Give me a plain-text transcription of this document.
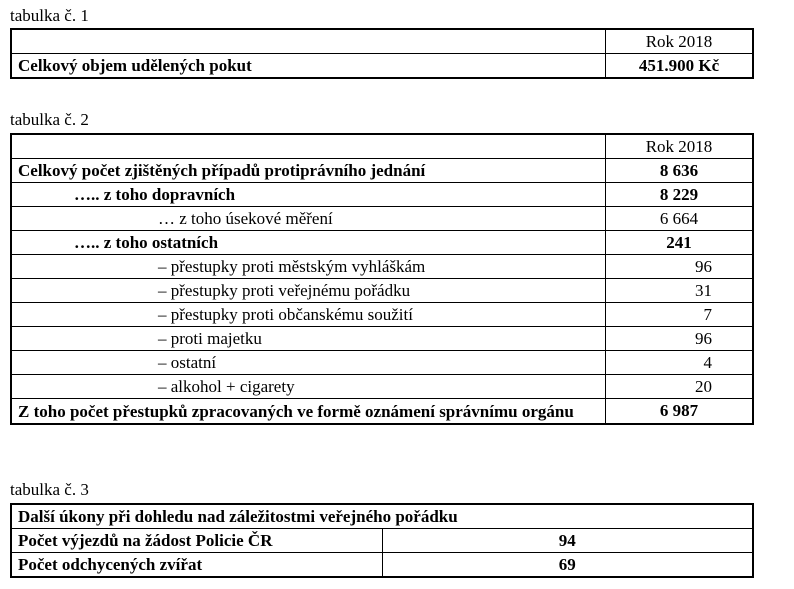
tabulka č. 1
	Rok 2018
Celkový objem udělených pokut	451.900 Kč
tabulka č. 2
	Rok 2018
Celkový počet zjištěných případů protiprávního jednání	8 636
….. z toho dopravních	8 229
… z toho úsekové měření	6 664
….. z toho ostatních	241
– přestupky proti městským vyhláškám	96
– přestupky proti veřejnému pořádku	31
– přestupky proti občanskému soužití	7
– proti majetku	96
– ostatní	4
– alkohol + cigarety	20
Z toho počet přestupků zpracovaných ve formě oznámení správnímu orgánu	6 987
tabulka č. 3
Další úkony při dohledu nad záležitostmi veřejného pořádku	
Počet výjezdů na žádost Policie ČR	94
Počet odchycených zvířat	69
